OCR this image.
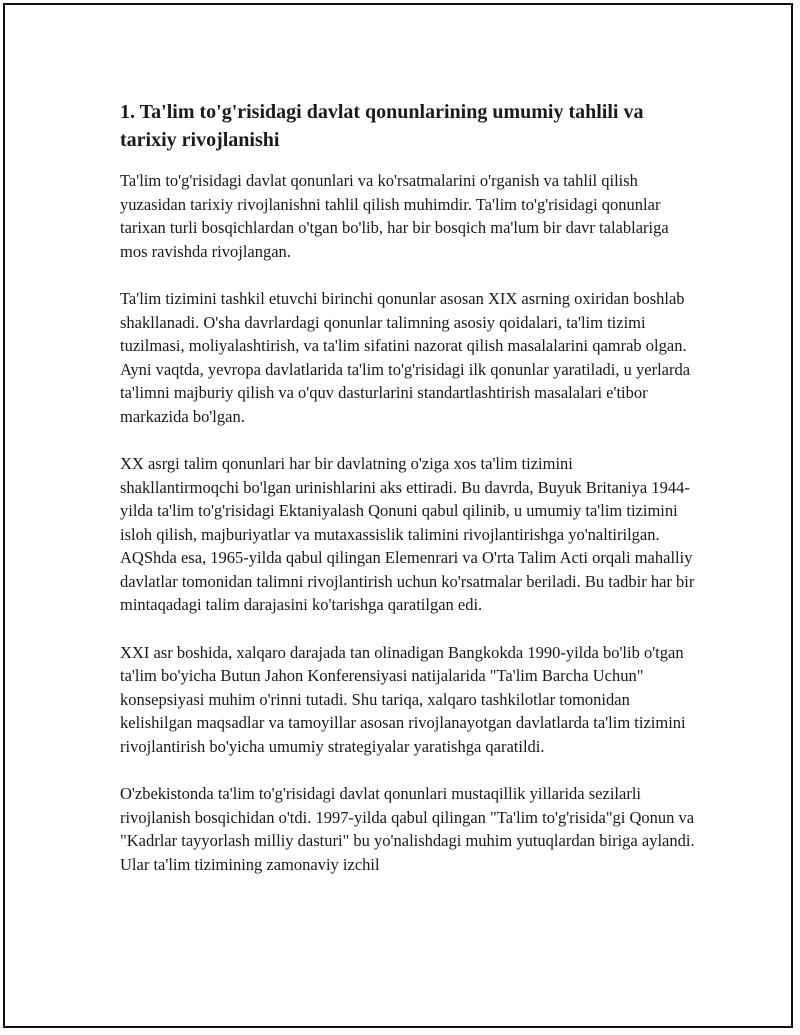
1. Ta'lim to'g'risidagi davlat qonunlarining umumiy tahlili va tarixiy rivojlanishi

Ta'lim to'g'risidagi davlat qonunlari va ko'rsatmalarini o'rganish va tahlil qilish yuzasidan tarixiy rivojlanishni tahlil qilish muhimdir. Ta'lim to'g'risidagi qonunlar tarixan turli bosqichlardan o'tgan bo'lib, har bir bosqich ma'lum bir davr talablariga mos ravishda rivojlangan.

Ta'lim tizimini tashkil etuvchi birinchi qonunlar asosan XIX asrning oxiridan boshlab shakllanadi. O'sha davrlardagi qonunlar talimning asosiy qoidalari, ta'lim tizimi tuzilmasi, moliyalashtirish, va ta'lim sifatini nazorat qilish masalalarini qamrab olgan. Ayni vaqtda, yevropa davlatlarida ta'lim to'g'risidagi ilk qonunlar yaratiladi, u yerlarda ta'limni majburiy qilish va o'quv dasturlarini standartlashtirish masalalari e'tibor markazida bo'lgan.

XX asrgi talim qonunlari har bir davlatning o'ziga xos ta'lim tizimini shakllantirmoqchi bo'lgan urinishlarini aks ettiradi. Bu davrda, Buyuk Britaniya 1944-yilda ta'lim to'g'risidagi Ektaniyalash Qonuni qabul qilinib, u umumiy ta'lim tizimini isloh qilish, majburiyatlar va mutaxassislik talimini rivojlantirishga yo'naltirilgan. AQShda esa, 1965-yilda qabul qilingan Elemenrari va O'rta Talim Acti orqali mahalliy davlatlar tomonidan talimni rivojlantirish uchun ko'rsatmalar beriladi. Bu tadbir har bir mintaqadagi talim darajasini ko'tarishga qaratilgan edi.

XXI asr boshida, xalqaro darajada tan olinadigan Bangkokda 1990-yilda bo'lib o'tgan ta'lim bo'yicha Butun Jahon Konferensiyasi natijalarida "Ta'lim Barcha Uchun" konsepsiyasi muhim o'rinni tutadi. Shu tariqa, xalqaro tashkilotlar tomonidan kelishilgan maqsadlar va tamoyillar asosan rivojlanayotgan davlatlarda ta'lim tizimini rivojlantirish bo'yicha umumiy strategiyalar yaratishga qaratildi.

O'zbekistonda ta'lim to'g'risidagi davlat qonunlari mustaqillik yillarida sezilarli rivojlanish bosqichidan o'tdi. 1997-yilda qabul qilingan "Ta'lim to'g'risida"gi Qonun va "Kadrlar tayyorlash milliy dasturi" bu yo'nalishdagi muhim yutuqlardan biriga aylandi. Ular ta'lim tizimining zamonaviy izchil
